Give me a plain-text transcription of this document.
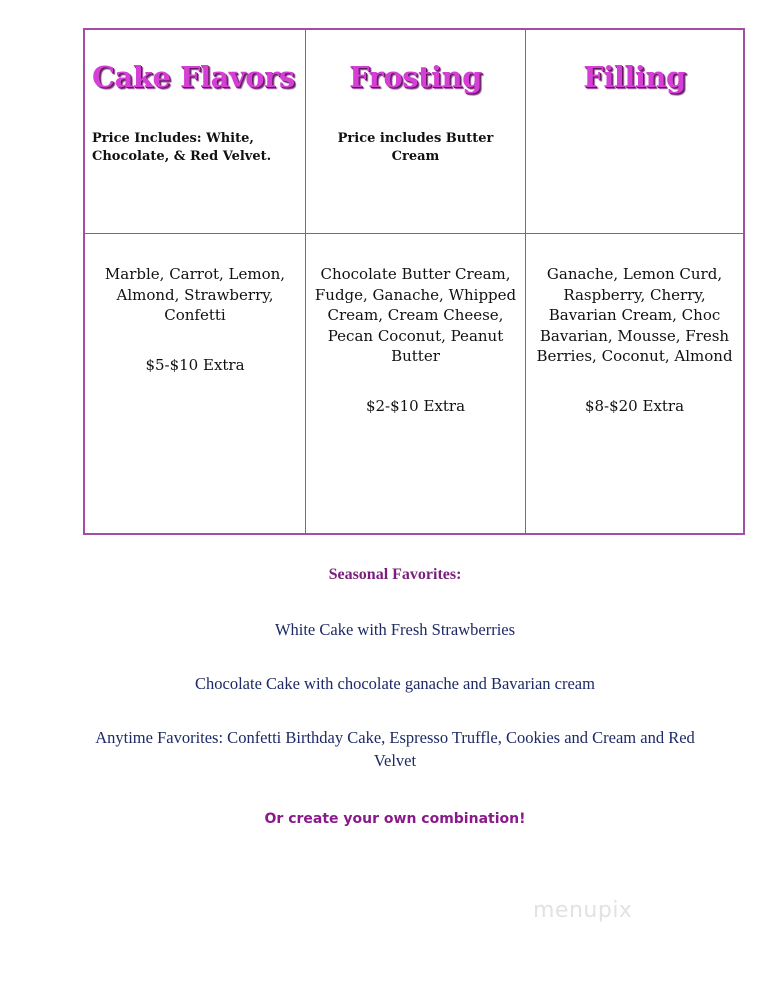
Cake Flavors
Price Includes: White, Chocolate, & Red Velvet.
Frosting
Price includes Butter Cream
Filling
Marble, Carrot, Lemon, Almond, Strawberry, Confetti
$5-$10 Extra
Chocolate Butter Cream, Fudge, Ganache, Whipped Cream, Cream Cheese, Pecan Coconut, Peanut Butter
$2-$10 Extra
Ganache, Lemon Curd, Raspberry, Cherry, Bavarian Cream, Choc Bavarian, Mousse, Fresh Berries, Coconut, Almond
$8-$20 Extra
Seasonal Favorites:
White Cake with Fresh Strawberries
Chocolate Cake with chocolate ganache and Bavarian cream
Anytime Favorites: Confetti Birthday Cake, Espresso Truffle, Cookies and Cream and Red Velvet
Or create your own combination!
menupix
